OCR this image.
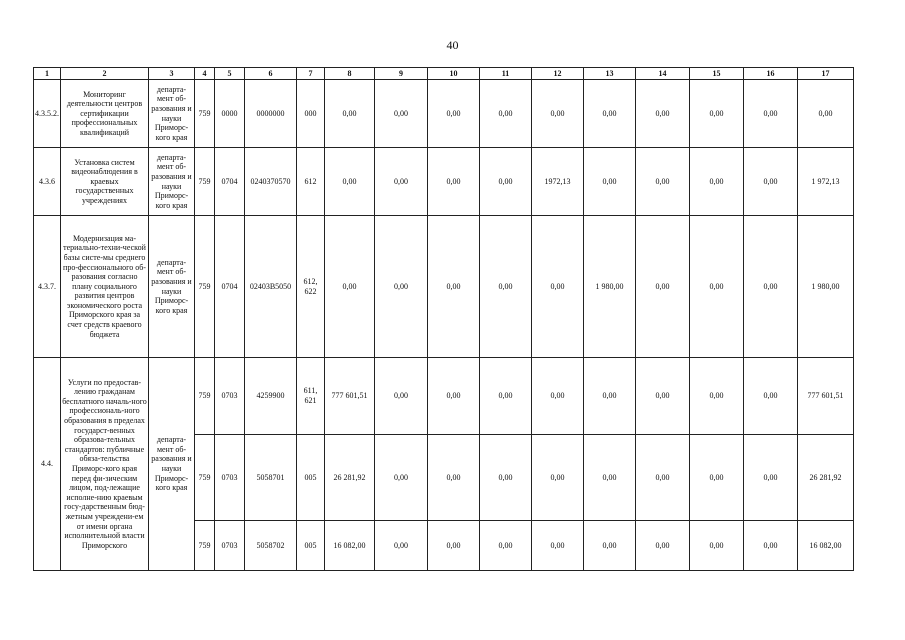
40
1	2	3	4	5	6	7	8	9	10	11	12	13	14	15	16	17
4.3.5.2.	Мониторинг деятельности центров сертификации профессиональных квалификаций	департа-мент об-разования и науки Приморс-кого края	759	0000	0000000	000	0,00	0,00	0,00	0,00	0,00	0,00	0,00	0,00	0,00	0,00
4.3.6	Установка систем видеонаблюдения в краевых государственных учреждениях	департа-мент об-разования и науки Приморс-кого края	759	0704	0240370570	612	0,00	0,00	0,00	0,00	1972,13	0,00	0,00	0,00	0,00	1 972,13
4.3.7.	Модернизация ма-териально-техни-ческой базы систе-мы среднего про-фессионального об-разования согласно плану социального развития центров экономического роста Приморского края за счет средств краевого бюджета	департа-мент об-разования и науки Приморс-кого края	759	0704	02403В5050	612, 622	0,00	0,00	0,00	0,00	0,00	1 980,00	0,00	0,00	0,00	1 980,00
4.4.	Услуги по предостав-лению гражданам бесплатного началь-ного профессиональ-ного образования в пределах государст-венных образова-тельных стандартов: публичные обяза-тельства Приморс-кого края перед фи-зическим лицом, под-лежащие исполне-нию краевым госу-дарственным бюд-жетным учреждени-ем от имени органа исполнительной власти Приморского	департа-мент об-разования и науки Приморс-кого края	759	0703	4259900	611, 621	777 601,51	0,00	0,00	0,00	0,00	0,00	0,00	0,00	0,00	777 601,51
			759	0703	5058701	005	26 281,92	0,00	0,00	0,00	0,00	0,00	0,00	0,00	0,00	26 281,92
			759	0703	5058702	005	16 082,00	0,00	0,00	0,00	0,00	0,00	0,00	0,00	0,00	16 082,00
